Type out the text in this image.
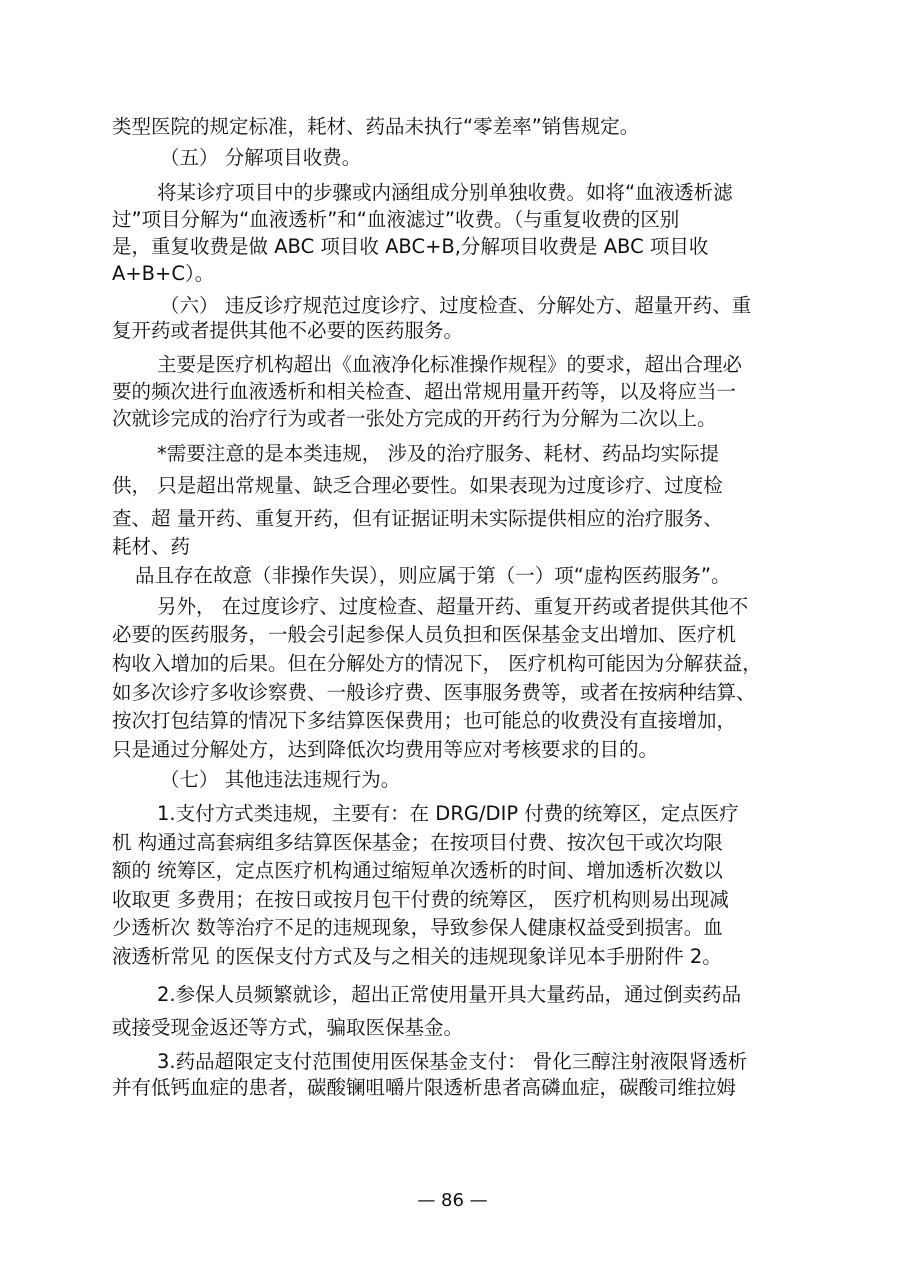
类型医院的规定标准，耗材、药品未执行“零差率”销售规定。
（五） 分解项目收费。
将某诊疗项目中的步骤或内涵组成分别单独收费。如将“血液透析滤
过”项目分解为“血液透析”和“血液滤过”收费。（与重复收费的区别
是，重复收费是做 ABC 项目收 ABC+B,分解项目收费是 ABC 项目收
A+B+C）。
（六） 违反诊疗规范过度诊疗、过度检查、分解处方、超量开药、重
复开药或者提供其他不必要的医药服务。
主要是医疗机构超出《血液净化标准操作规程》的要求，超出合理必
要的频次进行血液透析和相关检查、超出常规用量开药等，以及将应当一
次就诊完成的治疗行为或者一张处方完成的开药行为分解为二次以上。
*需要注意的是本类违规， 涉及的治疗服务、耗材、药品均实际提
供， 只是超出常规量、缺乏合理必要性。如果表现为过度诊疗、过度检
查、超 量开药、重复开药，但有证据证明未实际提供相应的治疗服务、
耗材、药
品且存在故意（非操作失误），则应属于第（一）项“虚构医药服务”。
另外， 在过度诊疗、过度检查、超量开药、重复开药或者提供其他不
必要的医药服务，一般会引起参保人员负担和医保基金支出增加、医疗机
构收入增加的后果。但在分解处方的情况下， 医疗机构可能因为分解获益，
如多次诊疗多收诊察费、一般诊疗费、医事服务费等，或者在按病种结算、
按次打包结算的情况下多结算医保费用；也可能总的收费没有直接增加，
只是通过分解处方，达到降低次均费用等应对考核要求的目的。
（七） 其他违法违规行为。
1.支付方式类违规，主要有：在 DRG/DIP 付费的统筹区，定点医疗
机 构通过高套病组多结算医保基金；在按项目付费、按次包干或次均限
额的 统筹区，定点医疗机构通过缩短单次透析的时间、增加透析次数以
收取更 多费用；在按日或按月包干付费的统筹区， 医疗机构则易出现减
少透析次 数等治疗不足的违规现象，导致参保人健康权益受到损害。血
液透析常见 的医保支付方式及与之相关的违规现象详见本手册附件 2。
2.参保人员频繁就诊，超出正常使用量开具大量药品，通过倒卖药品
或接受现金返还等方式，骗取医保基金。
3.药品超限定支付范围使用医保基金支付： 骨化三醇注射液限肾透析
并有低钙血症的患者，碳酸镧咀嚼片限透析患者高磷血症，碳酸司维拉姆
— 86 —
